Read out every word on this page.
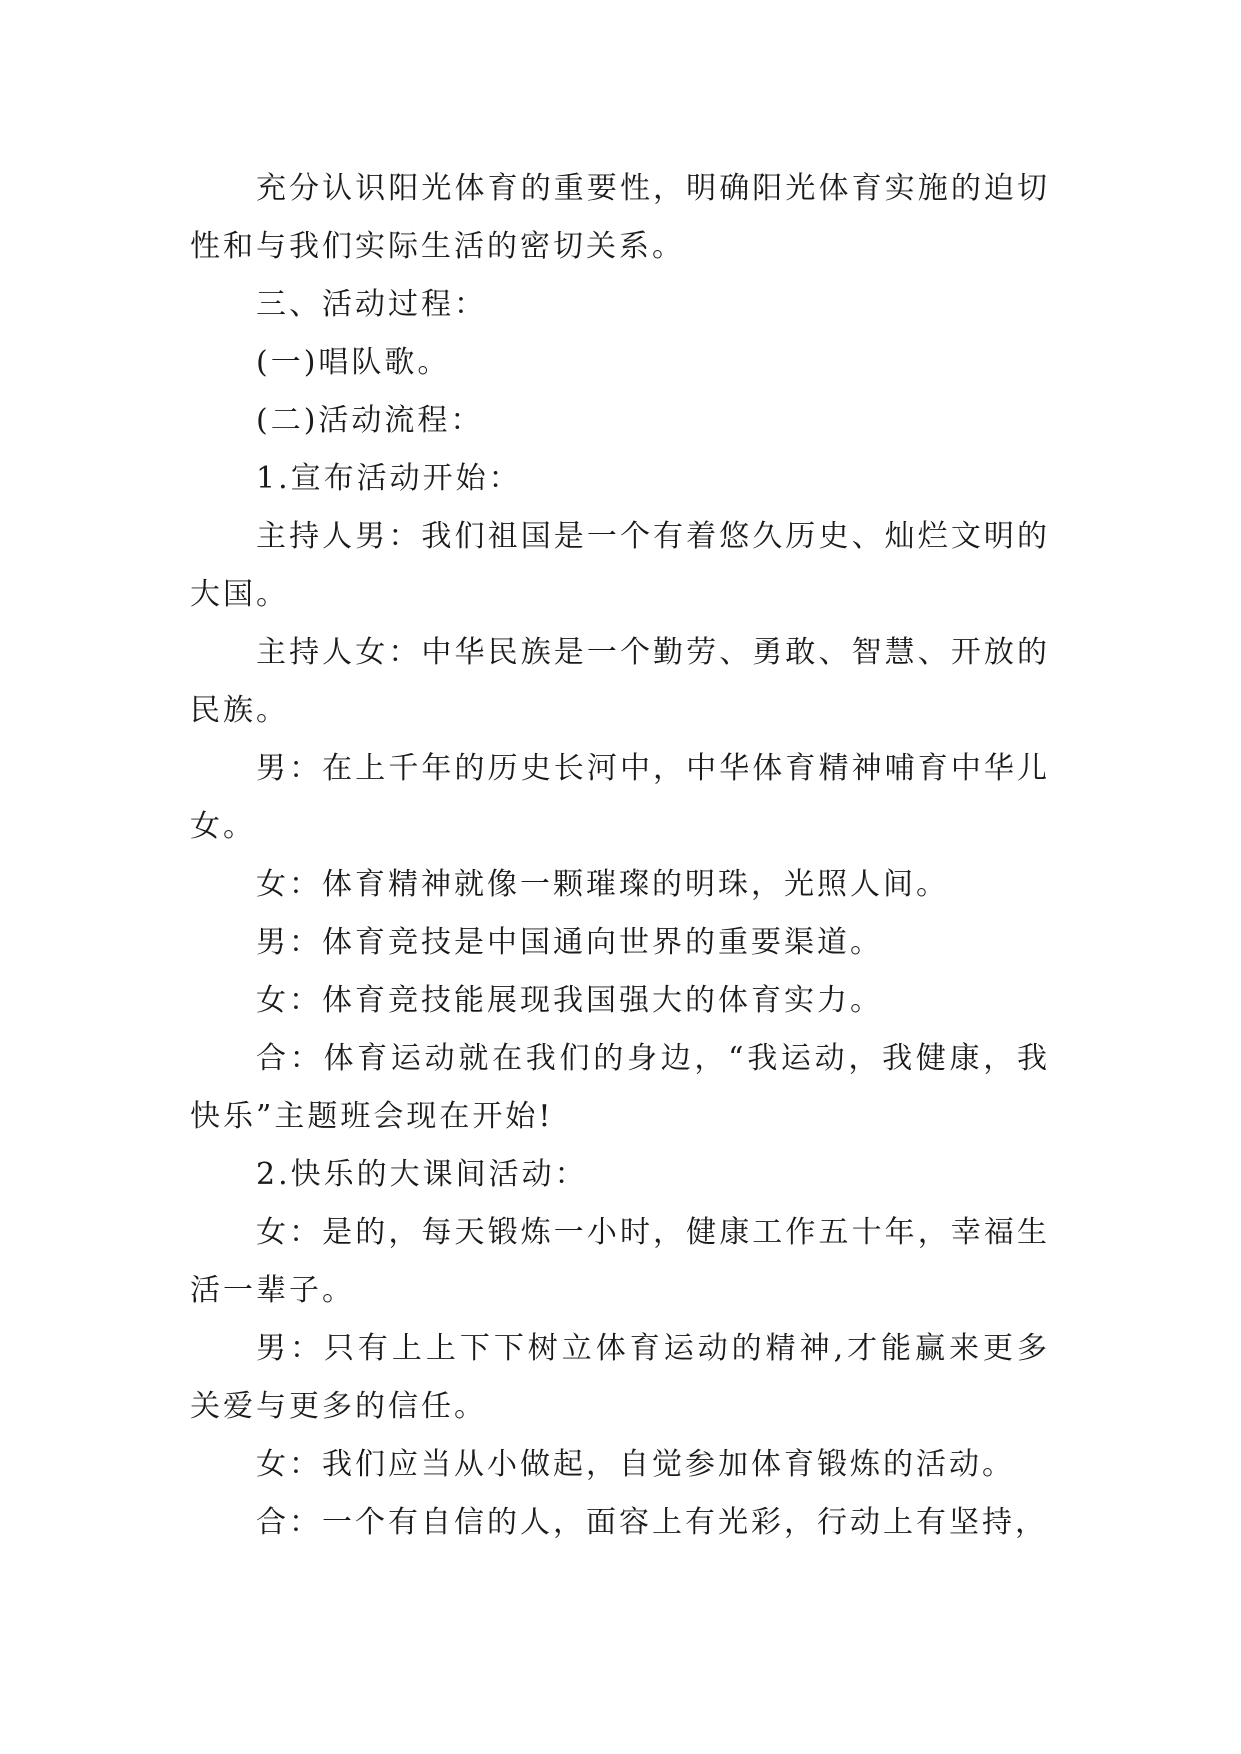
充分认识阳光体育的重要性，明确阳光体育实施的迫切性和与我们实际生活的密切关系。

三、活动过程：

(一)唱队歌。

(二)活动流程：

1.宣布活动开始：

主持人男：我们祖国是一个有着悠久历史、灿烂文明的大国。

主持人女：中华民族是一个勤劳、勇敢、智慧、开放的民族。

男：在上千年的历史长河中，中华体育精神哺育中华儿女。

女：体育精神就像一颗璀璨的明珠，光照人间。

男：体育竞技是中国通向世界的重要渠道。

女：体育竞技能展现我国强大的体育实力。

合：体育运动就在我们的身边，“我运动，我健康，我快乐”主题班会现在开始!

2.快乐的大课间活动：

女：是的，每天锻炼一小时，健康工作五十年，幸福生活一辈子。

男：只有上上下下树立体育运动的精神,才能赢来更多关爱与更多的信任。

女：我们应当从小做起，自觉参加体育锻炼的活动。

合：一个有自信的人，面容上有光彩，行动上有坚持，
